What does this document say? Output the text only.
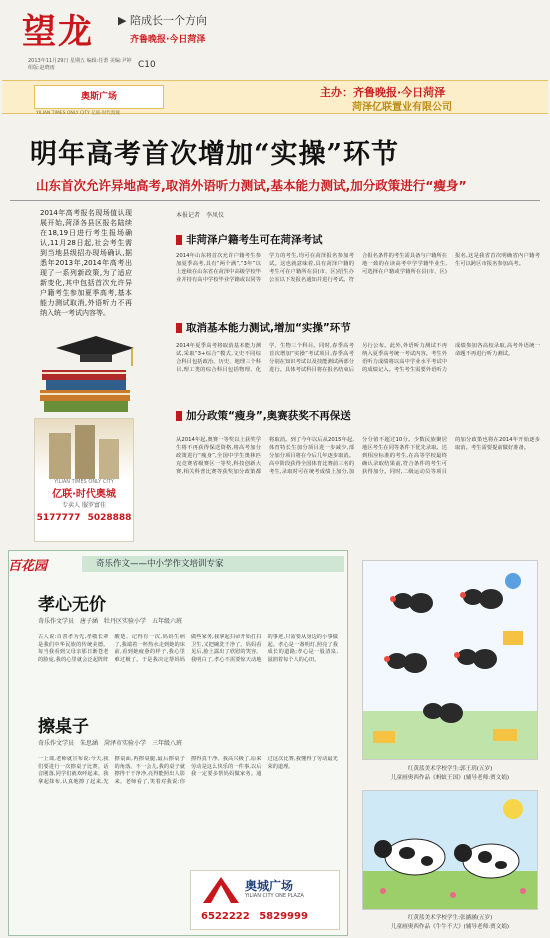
望龙 ▶ 陪成长一个方向
齐鲁晚报·今日菏泽
2013年11月29日 星期五 编辑:任蕾 美编:尹婷 组版:赵晓雨	C10
奥斯广场
YILIAN TIMES ONLY CITY 亿联·时代奥城
主办：齐鲁晚报·今日菏泽
菏泽亿联置业有限公司
明年高考首次增加“实操”环节
山东首次允许异地高考,取消外语听力测试,基本能力测试,加分政策进行“瘦身”
2014年高考报名现场值认现展开始,菏泽各县区报名陆续在18,19日进行考生报场确认,11月28日起,社会考生需到当地县级招办现场确认,据悉年2013年,2014年高考出现了一系列新政策,为了适应新变化,其中包括首次允许异户籍考生参加夏季高考,基本能力测试取消,外语听力不再纳入统一考试内容等。
YILIAN TIMES ONLY CITY
亿联·时代奥城
专卖人 服罗富佳
5177777 5028888
本报记者　李凤仪
非菏泽户籍考生可在菏泽考试
2014年山东将首次允许户籍考生参加夏季高考,具有“两个满”,“3年”以上连续在山东省在菏泽中高级学校毕业并持有高中学校毕业学籍或以同等学力的考生,均可在菏泽报名参加考试。这也就意味着,具有菏泽户籍的考生可在户籍所在县(市、区)招生办公室以下发报名通知并进行考试。符合报名条件的考生需具备与户籍所在地一致的在读高考中学学籍毕业生,可选择在户籍或学籍所在县(市、区)报名,这是我省首次明确省内户籍考生可以跨区市报名参加高考。
取消基本能力测试,增加“实操”环节
2014年夏季高考将取消基本能力测试,采取“3+综合”模式,文史不同综合科目包括政治、历史、地理三个科目,理工类的综合科目包括物理、化学、生物三个科目。同时,春季高考首次增加“实操”考试项目,春季高考分别在知识考试以及技能测试两部分进行。具体考试科目将在报名结束后另行公布。此外,外语听力测试不再纳入夏季高考统一考试内容。考生外语听力成绩将以高中学业水平考试中的成绩记入。考生考生需要外语听力成绩参加各高校录取,高考外语统一命题不再进行听力测试。
加分政策“瘦身”,奥赛获奖不再保送
从2014年起,奥赛一等奖以上获奖学生将不再获得保送资格,将高考加分政策进行“瘦身”,全国中学生奥林匹克竞赛省级赛区一等奖,科技创新大赛,相关科普比赛等获奖加分政策都将取消。到了今年以后从2015年起,体育特长生加分项目进一步减少,部分加分项目将在今后几年逐步取消。高中阶段获得全国体育比赛前三名的考生,录取时可在统考成绩上加分,加分分值不超过10分。少数民族聚居地区考生在同等条件下优先录取。达到相应标准的考生,在高等学校最终确认录取结果前,符合条件的考生可获得加分。同时,二级运动员等项目的加分政策也将在2014年开始逐步取消。考生需要提前做好准备。
百花园	奇乐作文——中小学作文培训专家
孝心无价
奇乐作文学员　唐子涵　牡丹区实验小学　五年级六班
古人说:百善孝为先,孝敬长辈是我们中华民族的传统美德。每当我看到父母亲那日渐苍老的脸庞,我的心里就会泛起阵阵酸楚。记得有一次,妈妈生病了,我端着一杯热水走到她的床前,看到她疲惫的样子,我心里难过极了。于是我决定帮妈妈做些家务,我拿起扫帚开始打扫卫生,又把碗洗干净了。妈妈看见后,脸上露出了欣慰的笑容。我明白了,孝心不需要惊天动地的事迹,只需要从身边的小事做起。孝心是一盏明灯,照亮了我成长的道路;孝心是一股清泉,滋润着每个人的心田。
擦桌子
奇乐作文学员　朱思涵　菏泽市实验小学　三年级八班
一上课,老师就宣布说:今天,我们要进行一次擦桌子比赛。话音刚落,同学们就欢呼起来。我拿起抹布,认真地擦了起来,先擦桌面,再擦桌腿,最后擦桌子的角落。不一会儿,我的桌子就擦得干干净净,亮得能照出人影来。老师看了,笑着对我说:你擦得真干净。我高兴极了,原来劳动是这么快乐的一件事,以后我一定要多帮妈妈做家务。通过这次比赛,我懂得了劳动最光荣的道理。
奥城广场
YILIAN CITY ONE PLAZA
6522222 5829999
红黄蓝美术学校学生:郭王玥(五岁)
儿童画奥西作品《蚂蚁王国》(辅导老师:贾文娟)
红黄蓝美术学校学生:张涵涵(五岁)
儿童画奥西作品《牛牛不大》(辅导老师:贾文娟)
